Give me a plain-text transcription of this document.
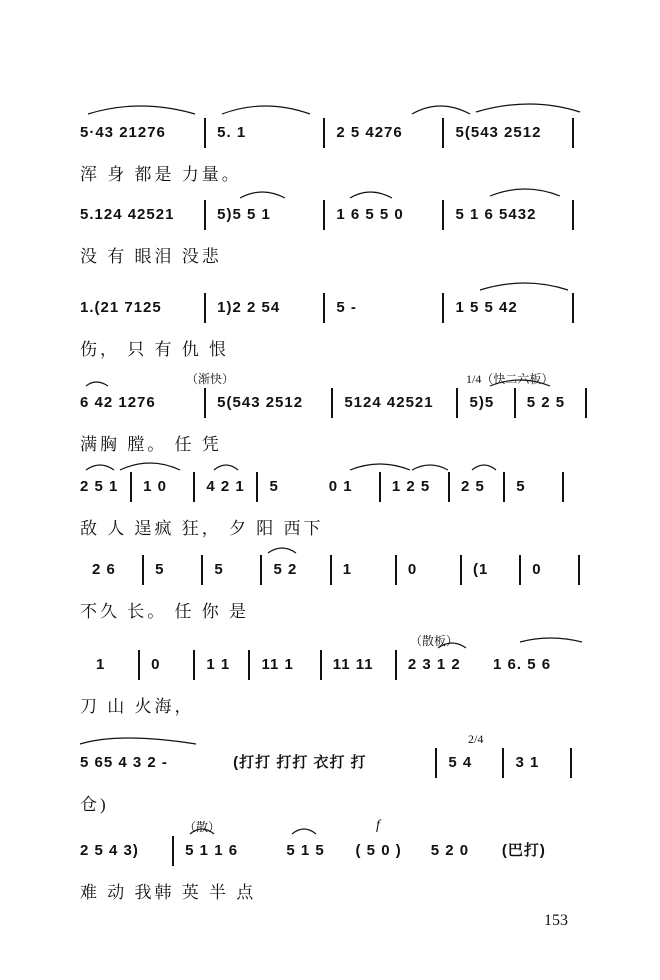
5·43 21276	5. 1	2 5 4276	5(543 2512
浑 身 都是 力量。
5.124 42521	5)5 5 1	1 6 5 5 0	5 1 6 5432
没 有 眼泪 没悲
1.(21 7125	1)2 2 54	5 -	1 5 5 42
伤， 只 有 仇 恨
（渐快）	1/4（快二六板）
6 42 1276	5(543 2512	5124 42521 5)5 5 2 5
满胸 膛。 任 凭
2 5 1 1 0	4 2 1 5	0 1	1 2 5 2 5 5
敌 人 逞疯 狂， 夕 阳 西下
2 6	5	5	5 2	1	0	(1	0
不久 长。 任 你 是
（散板）
1	0	1 1 11 1	11 11 2 3 1 2 1 6. 5 6
刀 山 火海，
2/4
5 65 4 3 2 -	(打打 打打 衣打 打	5 4	3 1
仓)
（散）	f
2 5 4 3)	5 1 1 6	5 1 5 ( 5 0 ) 5 2 0 (巴打)
难 动 我韩 英 半 点
153
